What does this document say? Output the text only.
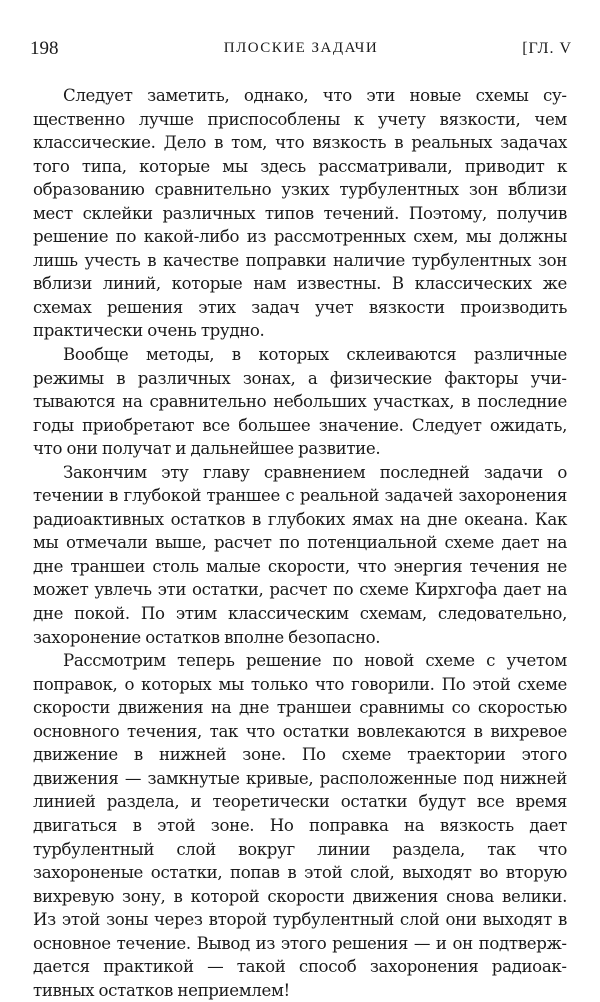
198	ПЛОСКИЕ ЗАДАЧИ	[ГЛ. V

Следует заметить, однако, что эти новые схемы существенно лучше приспособлены к учету вязкости, чем классические. Дело в том, что вязкость в реальных задачах того типа, которые мы здесь рассматривали, приводит к образованию сравнительно узких турбулентных зон вблизи мест склейки различных типов течений. Поэтому, получив решение по какой-либо из рассмотренных схем, мы должны лишь учесть в качестве поправки наличие турбулентных зон вблизи линий, которые нам известны. В классических же схемах решения этих задач учет вязкости производить практически очень трудно.

Вообще методы, в которых склеиваются различные режимы в различных зонах, а физические факторы учитываются на сравнительно небольших участках, в последние годы приобретают все большее значение. Следует ожидать, что они получат и дальнейшее развитие.

Закончим эту главу сравнением последней задачи о течении в глубокой траншее с реальной задачей захоронения радиоактивных остатков в глубоких ямах на дне океана. Как мы отмечали выше, расчет по потенциальной схеме дает на дне траншеи столь малые скорости, что энергия течения не может увлечь эти остатки, расчет по схеме Кирхгофа дает на дне покой. По этим классическим схемам, следовательно, захоронение остатков вполне безопасно.

Рассмотрим теперь решение по новой схеме с учетом поправок, о которых мы только что говорили. По этой схеме скорости движения на дне траншеи сравнимы со скоростью основного течения, так что остатки вовлекаются в вихревое движение в нижней зоне. По схеме траектории этого движения — замкнутые кривые, расположенные под нижней линией раздела, и теоретически остатки будут все время двигаться в этой зоне. Но поправка на вязкость дает турбулентный слой вокруг линии раздела, так что захороненые остатки, попав в этой слой, выходят во вторую вихревую зону, в которой скорости движения снова велики. Из этой зоны через второй турбулентный слой они выходят в основное течение. Вывод из этого решения — и он подтверждается практикой — такой способ захоронения радиоактивных остатков неприемлем!
